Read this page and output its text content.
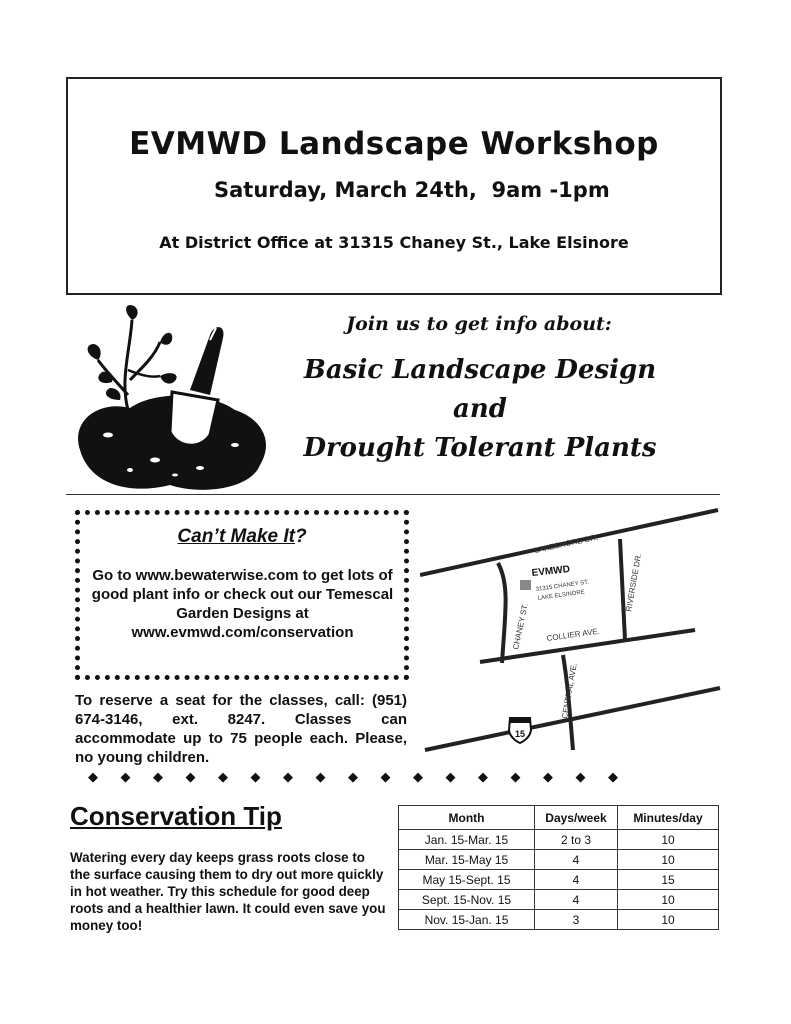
EVMWD Landscape Workshop
Saturday, March 24th,  9am -1pm
At District Office at 31315 Chaney St., Lake Elsinore
Join us to get info about:
Basic Landscape Design
and
Drought Tolerant Plants
Can’t Make It?
Go to www.bewaterwise.com to get lots of good plant info or check out our Temescal Garden Designs at www.evmwd.com/conservation
To reserve a seat for the classes, call: (951) 674-3146, ext. 8247. Classes can accommodate up to 75 people each. Please, no young children.
LAKESHORE DR.
RIVERSIDE DR.
CHANEY ST. COLLIER AVE.
CENTRAL AVE.
EVMWD
31315 CHANEY ST.
LAKE ELSINORE
15
◆ ◆ ◆ ◆ ◆ ◆ ◆ ◆ ◆ ◆ ◆ ◆ ◆ ◆ ◆ ◆ ◆
Conservation Tip
Watering every day keeps grass roots close to the surface causing them to dry out more quickly in hot weather. Try this schedule for good deep roots and a healthier lawn. It could even save you money too!
Month	Days/week	Minutes/day
Jan. 15-Mar. 15	2 to 3	10
Mar. 15-May 15	4	10
May 15-Sept. 15	4	15
Sept. 15-Nov. 15	4	10
Nov. 15-Jan. 15	3	10
